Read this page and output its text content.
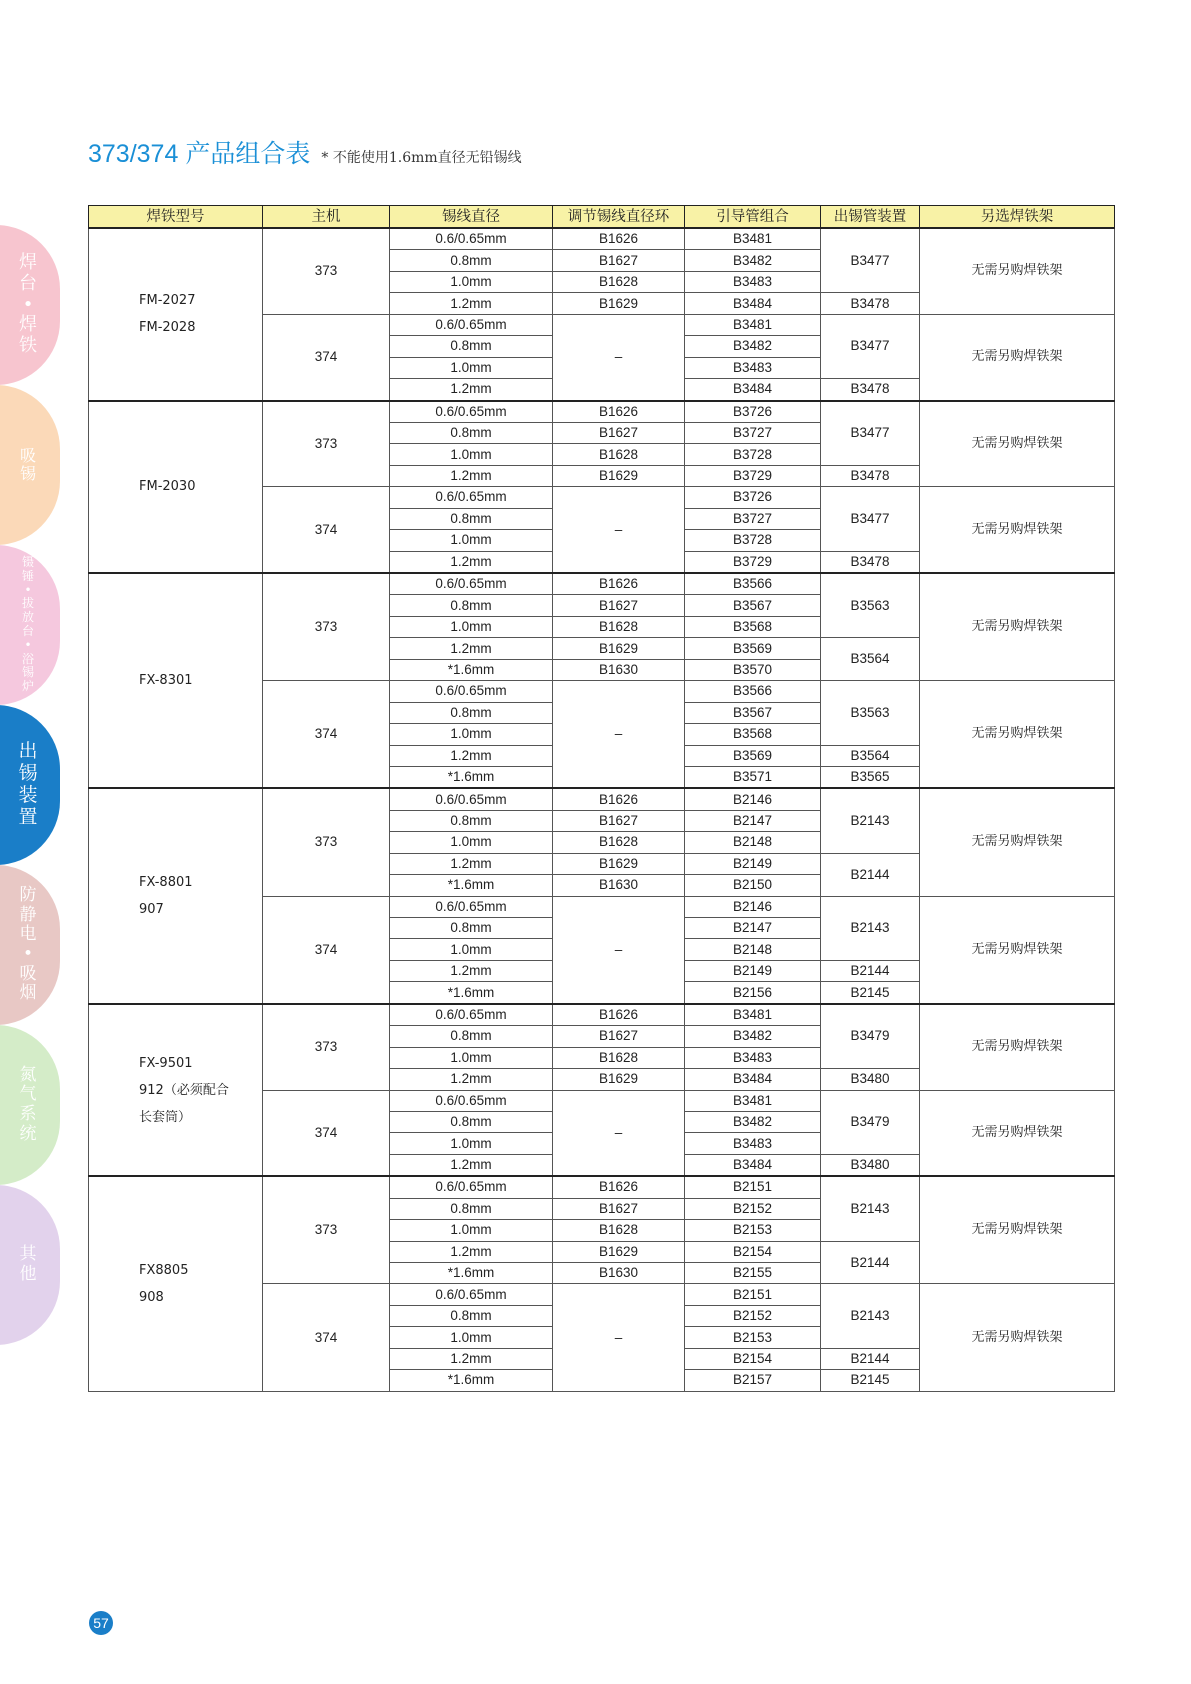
373/374 产品组合表 * 不能使用1.6mm直径无铅锡线
焊
台
•
焊
铁
吸
锡
镊
锤
•
拔
放
台
•
浴
锡
炉
出
锡
装
置
防
静
电
•
吸
烟
氮
气
系
统
其
他
焊铁型号	主机	锡线直径	调节锡线直径环	引导管组合	出锡管装置	另选焊铁架

FM-2027
FM-2028	373	0.6/0.65mm	B1626	B3481	B3477	无需另购焊铁架
		0.8mm	B1627	B3482		
		1.0mm	B1628	B3483		
		1.2mm	B1629	B3484	B3478	
	374	0.6/0.65mm	–	B3481	B3477	无需另购焊铁架
		0.8mm		B3482		
		1.0mm		B3483		
		1.2mm		B3484	B3478	

FM-2030	373	0.6/0.65mm	B1626	B3726	B3477	无需另购焊铁架
		0.8mm	B1627	B3727		
		1.0mm	B1628	B3728		
		1.2mm	B1629	B3729	B3478	
	374	0.6/0.65mm	–	B3726	B3477	无需另购焊铁架
		0.8mm		B3727		
		1.0mm		B3728		
		1.2mm		B3729	B3478	

FX-8301	373	0.6/0.65mm	B1626	B3566	B3563	无需另购焊铁架
		0.8mm	B1627	B3567		
		1.0mm	B1628	B3568		
		1.2mm	B1629	B3569	B3564	
		*1.6mm	B1630	B3570		
	374	0.6/0.65mm	–	B3566	B3563	无需另购焊铁架
		0.8mm		B3567		
		1.0mm		B3568		
		1.2mm		B3569	B3564	
		*1.6mm		B3571	B3565	

FX-8801
907	373	0.6/0.65mm	B1626	B2146	B2143	无需另购焊铁架
		0.8mm	B1627	B2147		
		1.0mm	B1628	B2148		
		1.2mm	B1629	B2149	B2144	
		*1.6mm	B1630	B2150		
	374	0.6/0.65mm	–	B2146	B2143	无需另购焊铁架
		0.8mm		B2147		
		1.0mm		B2148		
		1.2mm		B2149	B2144	
		*1.6mm		B2156	B2145	

FX-9501
912（必须配合
长套筒）	373	0.6/0.65mm	B1626	B3481	B3479	无需另购焊铁架
		0.8mm	B1627	B3482		
		1.0mm	B1628	B3483		
		1.2mm	B1629	B3484	B3480	
	374	0.6/0.65mm	–	B3481	B3479	无需另购焊铁架
		0.8mm		B3482		
		1.0mm		B3483		
		1.2mm		B3484	B3480	

FX8805
908	373	0.6/0.65mm	B1626	B2151	B2143	无需另购焊铁架
		0.8mm	B1627	B2152		
		1.0mm	B1628	B2153		
		1.2mm	B1629	B2154	B2144	
		*1.6mm	B1630	B2155		
	374	0.6/0.65mm	–	B2151	B2143	无需另购焊铁架
		0.8mm		B2152		
		1.0mm		B2153		
		1.2mm		B2154	B2144	
		*1.6mm		B2157	B2145	
57
